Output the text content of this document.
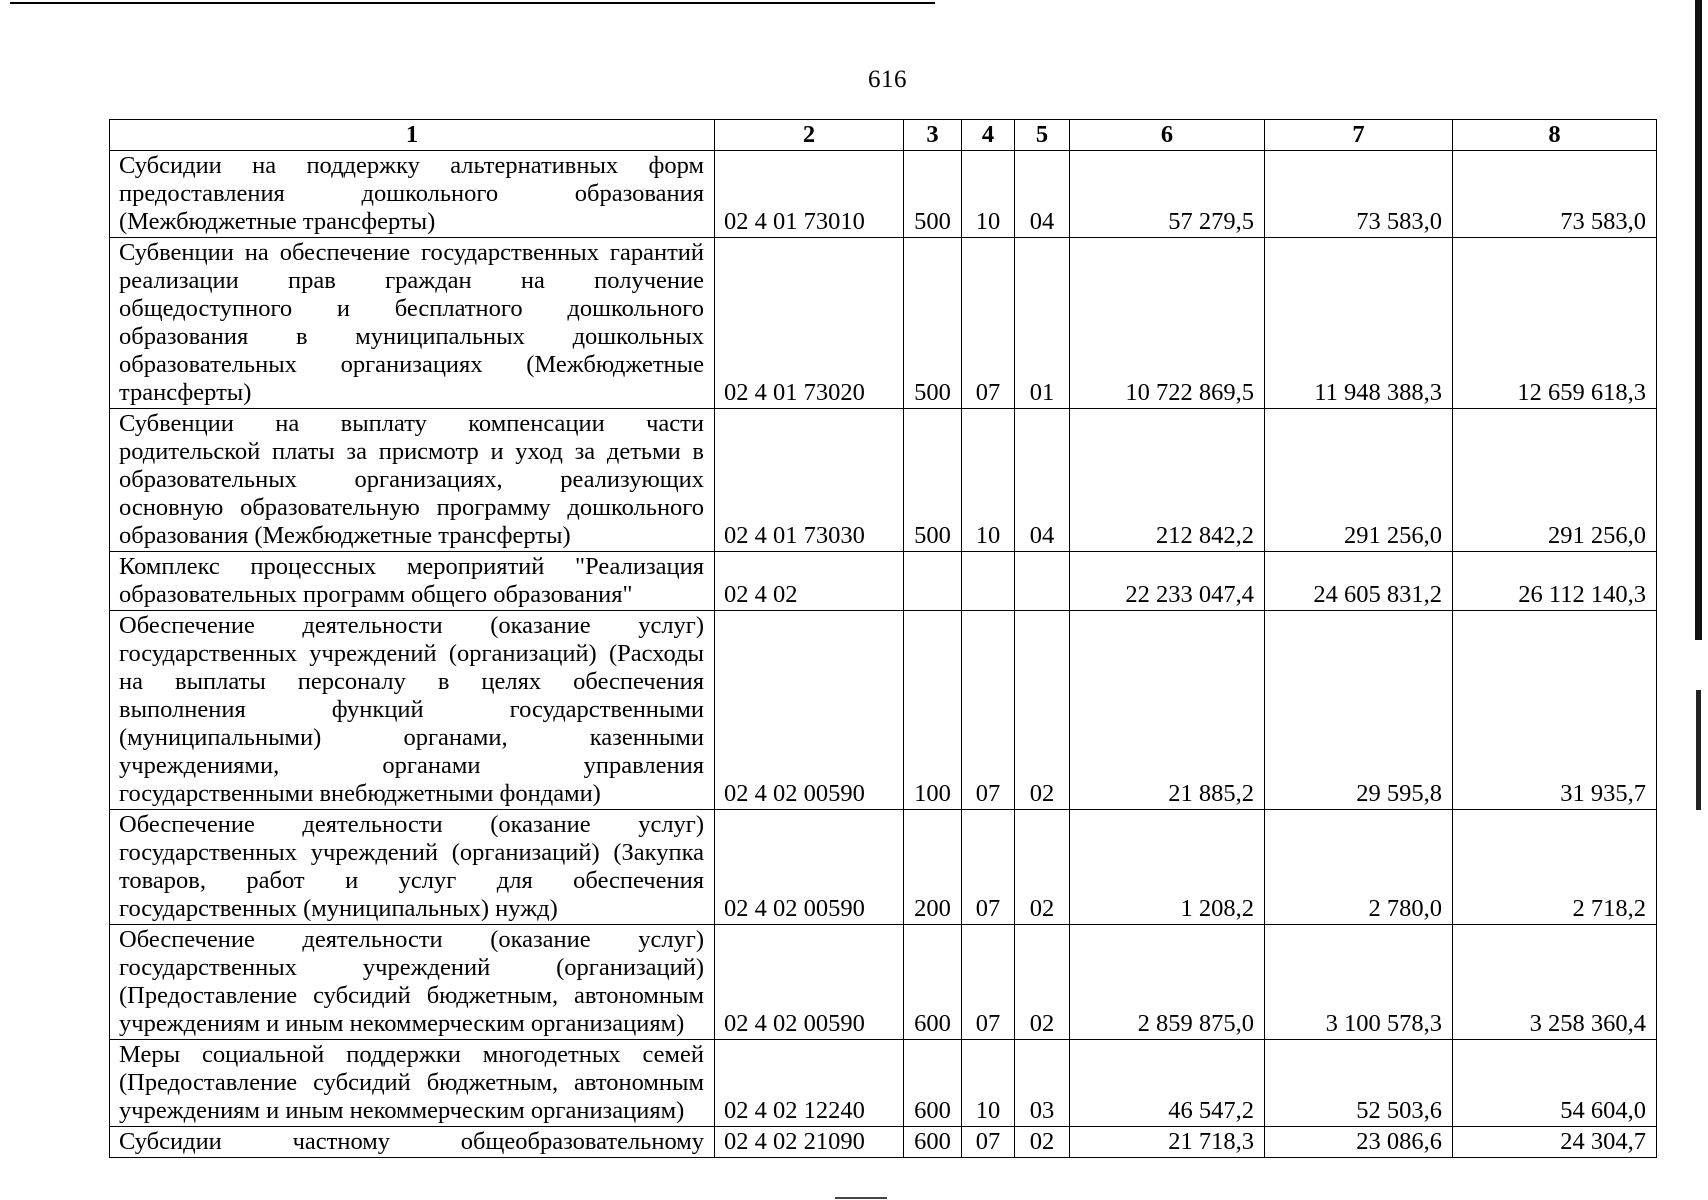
616
1	2	3	4	5	6	7	8
Субсидии на поддержку альтернативных форм предоставления дошкольного образования (Межбюджетные трансферты)	02 4 01 73010	500	10	04	57 279,5	73 583,0	73 583,0
Субвенции на обеспечение государственных гарантий реализации прав граждан на получение общедоступного и бесплатного дошкольного образования в муниципальных дошкольных образовательных организациях (Межбюджетные трансферты)	02 4 01 73020	500	07	01	10 722 869,5	11 948 388,3	12 659 618,3
Субвенции на выплату компенсации части родительской платы за присмотр и уход за детьми в образовательных организациях, реализующих основную образовательную программу дошкольного образования (Межбюджетные трансферты)	02 4 01 73030	500	10	04	212 842,2	291 256,0	291 256,0
Комплекс процессных мероприятий "Реализация образовательных программ общего образования"	02 4 02				22 233 047,4	24 605 831,2	26 112 140,3
Обеспечение деятельности (оказание услуг) государственных учреждений (организаций) (Расходы на выплаты персоналу в целях обеспечения выполнения функций государственными (муниципальными) органами, казенными учреждениями, органами управления государственными внебюджетными фондами)	02 4 02 00590	100	07	02	21 885,2	29 595,8	31 935,7
Обеспечение деятельности (оказание услуг) государственных учреждений (организаций) (Закупка товаров, работ и услуг для обеспечения государственных (муниципальных) нужд)	02 4 02 00590	200	07	02	1 208,2	2 780,0	2 718,2
Обеспечение деятельности (оказание услуг) государственных учреждений (организаций) (Предоставление субсидий бюджетным, автономным учреждениям и иным некоммерческим организациям)	02 4 02 00590	600	07	02	2 859 875,0	3 100 578,3	3 258 360,4
Меры социальной поддержки многодетных семей (Предоставление субсидий бюджетным, автономным учреждениям и иным некоммерческим организациям)	02 4 02 12240	600	10	03	46 547,2	52 503,6	54 604,0
Субсидии частному общеобразовательному	02 4 02 21090	600	07	02	21 718,3	23 086,6	24 304,7
